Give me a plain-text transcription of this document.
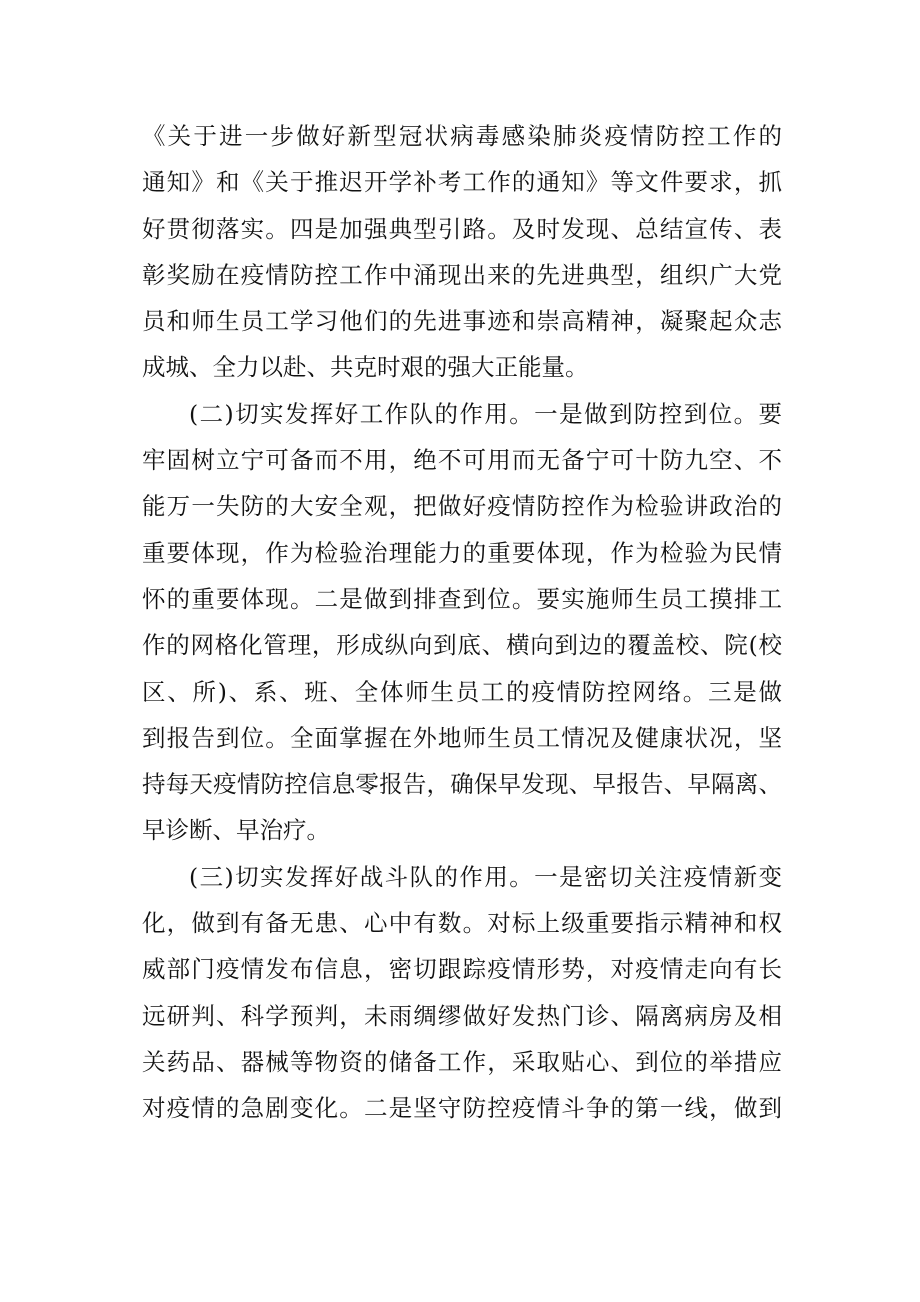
《关于进一步做好新型冠状病毒感染肺炎疫情防控工作的
通知》和《关于推迟开学补考工作的通知》等文件要求，抓
好贯彻落实。四是加强典型引路。及时发现、总结宣传、表
彰奖励在疫情防控工作中涌现出来的先进典型，组织广大党
员和师生员工学习他们的先进事迹和崇高精神，凝聚起众志
成城、全力以赴、共克时艰的强大正能量。
(二)切实发挥好工作队的作用。一是做到防控到位。要
牢固树立宁可备而不用，绝不可用而无备宁可十防九空、不
能万一失防的大安全观，把做好疫情防控作为检验讲政治的
重要体现，作为检验治理能力的重要体现，作为检验为民情
怀的重要体现。二是做到排查到位。要实施师生员工摸排工
作的网格化管理，形成纵向到底、横向到边的覆盖校、院(校
区、所)、系、班、全体师生员工的疫情防控网络。三是做
到报告到位。全面掌握在外地师生员工情况及健康状况，坚
持每天疫情防控信息零报告，确保早发现、早报告、早隔离、
早诊断、早治疗。
(三)切实发挥好战斗队的作用。一是密切关注疫情新变
化，做到有备无患、心中有数。对标上级重要指示精神和权
威部门疫情发布信息，密切跟踪疫情形势，对疫情走向有长
远研判、科学预判，未雨绸缪做好发热门诊、隔离病房及相
关药品、器械等物资的储备工作，采取贴心、到位的举措应
对疫情的急剧变化。二是坚守防控疫情斗争的第一线，做到
